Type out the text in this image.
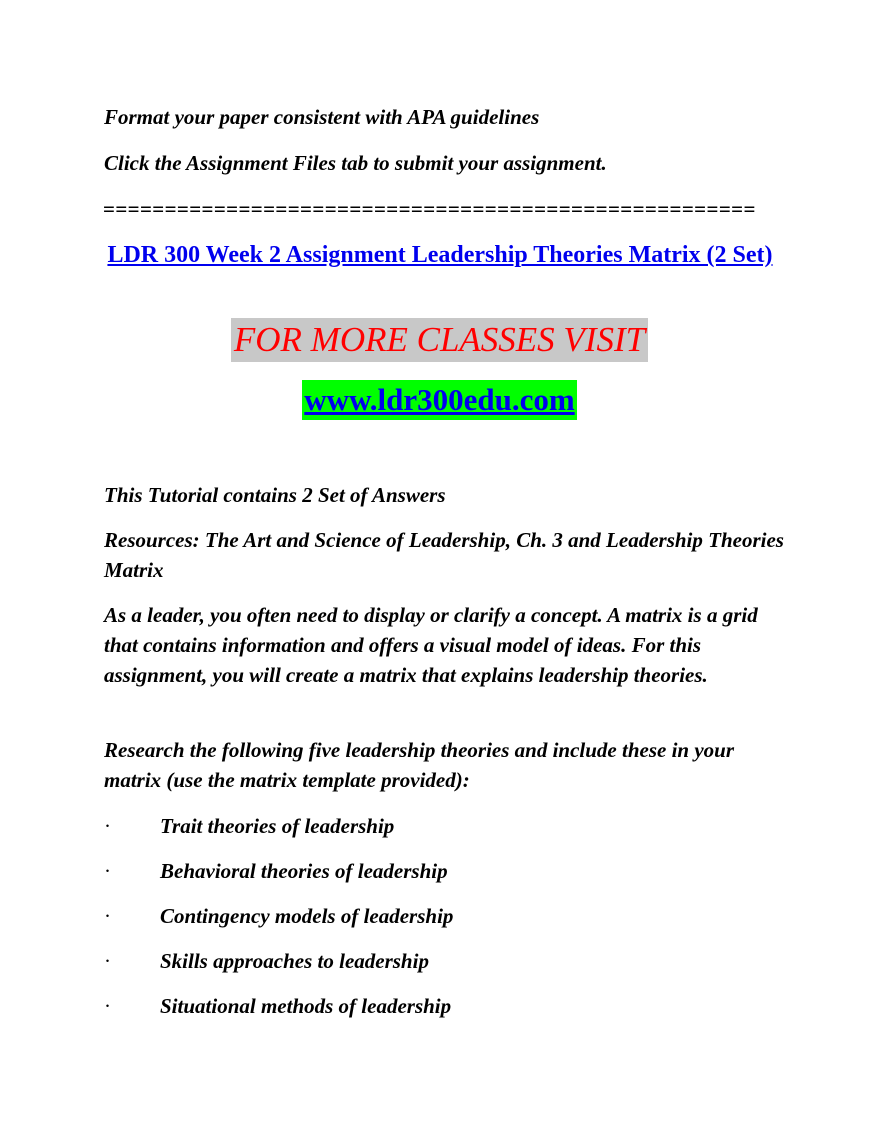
Format your paper consistent with APA guidelines

Click the Assignment Files tab to submit your assignment.

=====================================================

LDR 300 Week 2 Assignment Leadership Theories Matrix (2 Set)
FOR MORE CLASSES VISIT
www.ldr300edu.com

This Tutorial contains 2 Set of Answers

Resources: The Art and Science of Leadership, Ch. 3 and Leadership Theories Matrix

As a leader, you often need to display or clarify a concept. A matrix is a grid that contains information and offers a visual model of ideas. For this assignment, you will create a matrix that explains leadership theories.

Research the following five leadership theories and include these in your matrix (use the matrix template provided):

· Trait theories of leadership
· Behavioral theories of leadership
· Contingency models of leadership
· Skills approaches to leadership
· Situational methods of leadership
